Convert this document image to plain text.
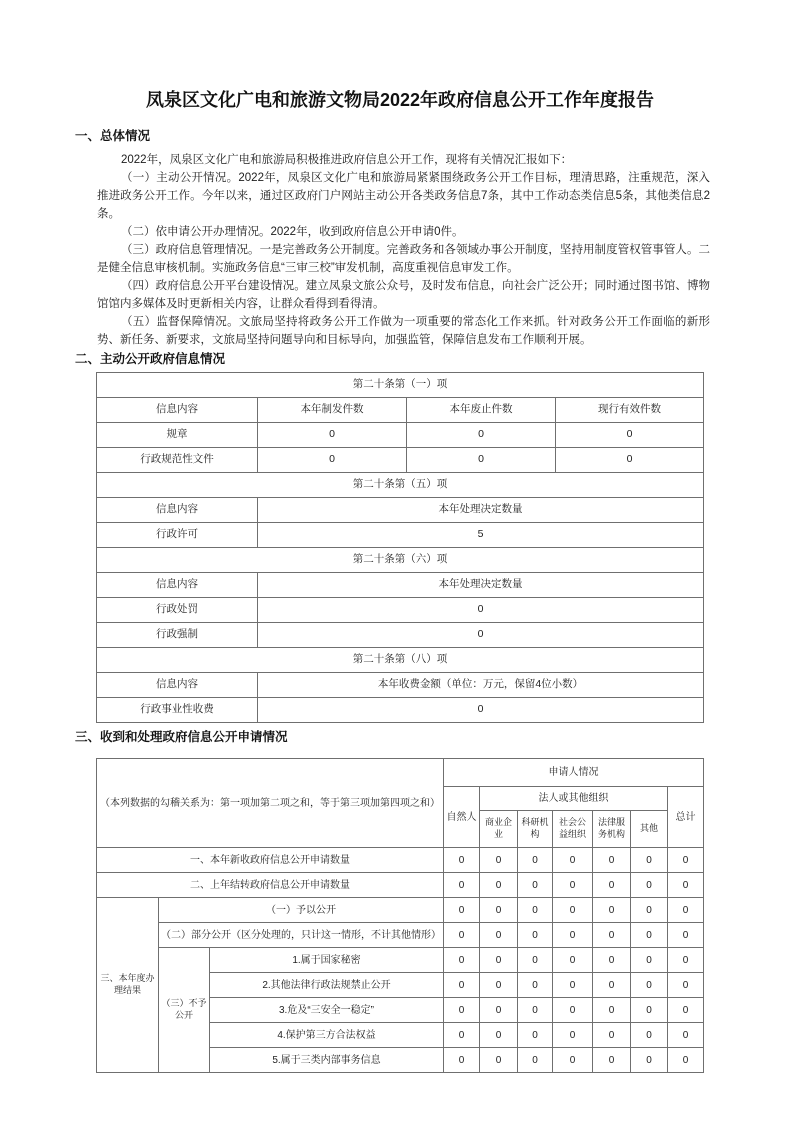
凤泉区文化广电和旅游文物局2022年政府信息公开工作年度报告
一、总体情况

2022年，凤泉区文化广电和旅游局积极推进政府信息公开工作，现将有关情况汇报如下：

（一）主动公开情况。2022年，凤泉区文化广电和旅游局紧紧围绕政务公开工作目标，理清思路，注重规范，深入推进政务公开工作。今年以来，通过区政府门户网站主动公开各类政务信息7条，其中工作动态类信息5条，其他类信息2条。

（二）依申请公开办理情况。2022年，收到政府信息公开申请0件。

（三）政府信息管理情况。一是完善政务公开制度。完善政务和各领域办事公开制度，坚持用制度管权管事管人。二是健全信息审核机制。实施政务信息“三审三校”审发机制，高度重视信息审发工作。

（四）政府信息公开平台建设情况。建立凤泉文旅公众号，及时发布信息，向社会广泛公开；同时通过图书馆、博物馆馆内多媒体及时更新相关内容，让群众看得到看得清。

（五）监督保障情况。文旅局坚持将政务公开工作做为一项重要的常态化工作来抓。针对政务公开工作面临的新形势、新任务、新要求，文旅局坚持问题导向和目标导向，加强监管，保障信息发布工作顺利开展。

二、主动公开政府信息情况
第二十条第（一）项			
信息内容	本年制发件数	本年废止件数	现行有效件数
规章	0	0	0
行政规范性文件	0	0	0
第二十条第（五）项			
信息内容	本年处理决定数量		
行政许可	5		
第二十条第（六）项			
信息内容	本年处理决定数量		
行政处罚	0		
行政强制	0		
第二十条第（八）项			
信息内容	本年收费金额（单位：万元，保留4位小数）		
行政事业性收费	0		
三、收到和处理政府信息公开申请情况
（本列数据的勾稽关系为：第一项加第二项之和，等于第三项加第四项之和）			申请人情况						
			自然人	法人或其他组织					总计
				商业企业	科研机构	社会公益组织	法律服务机构	其他	
一、本年新收政府信息公开申请数量			0	0	0	0	0	0	0
二、上年结转政府信息公开申请数量			0	0	0	0	0	0	0
三、本年度办理结果	（一）予以公开		0	0	0	0	0	0	0
	（二）部分公开（区分处理的，只计这一情形，不计其他情形）		0	0	0	0	0	0	0
	（三）不予公开	1.属于国家秘密	0	0	0	0	0	0	0
		2.其他法律行政法规禁止公开	0	0	0	0	0	0	0
		3.危及“三安全一稳定”	0	0	0	0	0	0	0
		4.保护第三方合法权益	0	0	0	0	0	0	0
		5.属于三类内部事务信息	0	0	0	0	0	0	0
